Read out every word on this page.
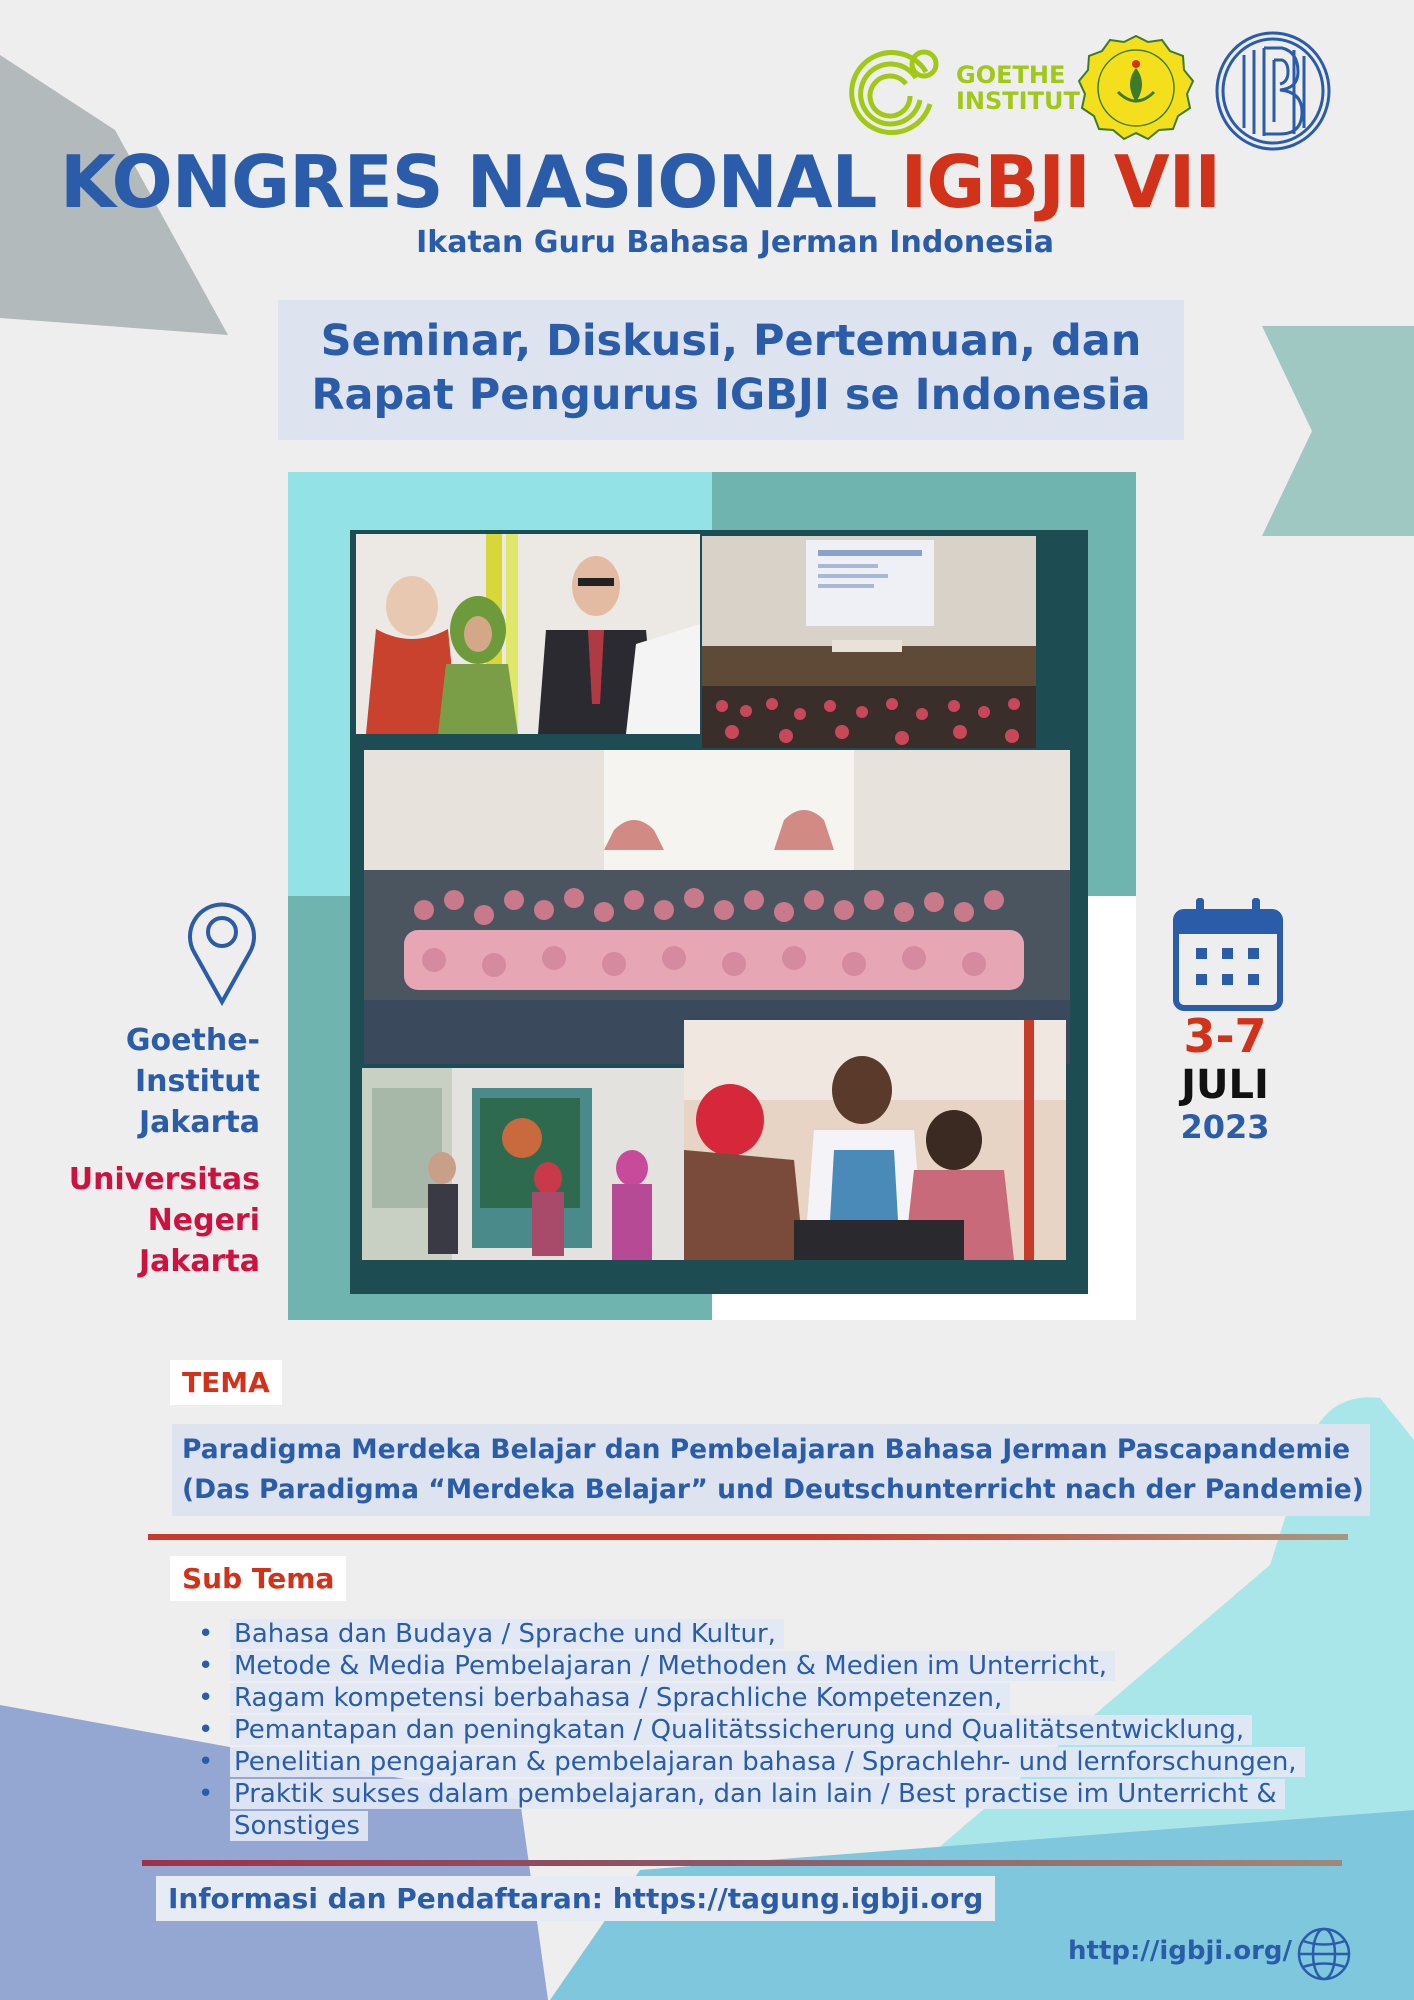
GOETHE
INSTITUT
KONGRES NASIONAL IGBJI VII
Ikatan Guru Bahasa Jerman Indonesia
Seminar, Diskusi, Pertemuan, dan
Rapat Pengurus IGBJI se Indonesia
Goethe-
Institut
Jakarta
Universitas
Negeri
Jakarta
3-7
JULI
2023
TEMA
Paradigma Merdeka Belajar dan Pembelajaran Bahasa Jerman Pascapandemie
(Das Paradigma “Merdeka Belajar” und Deutschunterricht nach der Pandemie)
Sub Tema
• Bahasa dan Budaya / Sprache und Kultur,
• Metode & Media Pembelajaran / Methoden & Medien im Unterricht,
• Ragam kompetensi berbahasa / Sprachliche Kompetenzen,
• Pemantapan dan peningkatan / Qualitätssicherung und Qualitätsentwicklung,
• Penelitian pengajaran & pembelajaran bahasa / Sprachlehr- und lernforschungen,
• Praktik sukses dalam pembelajaran, dan lain lain / Best practise im Unterricht &
Sonstiges
Informasi dan Pendaftaran: https://tagung.igbji.org
http://igbji.org/
